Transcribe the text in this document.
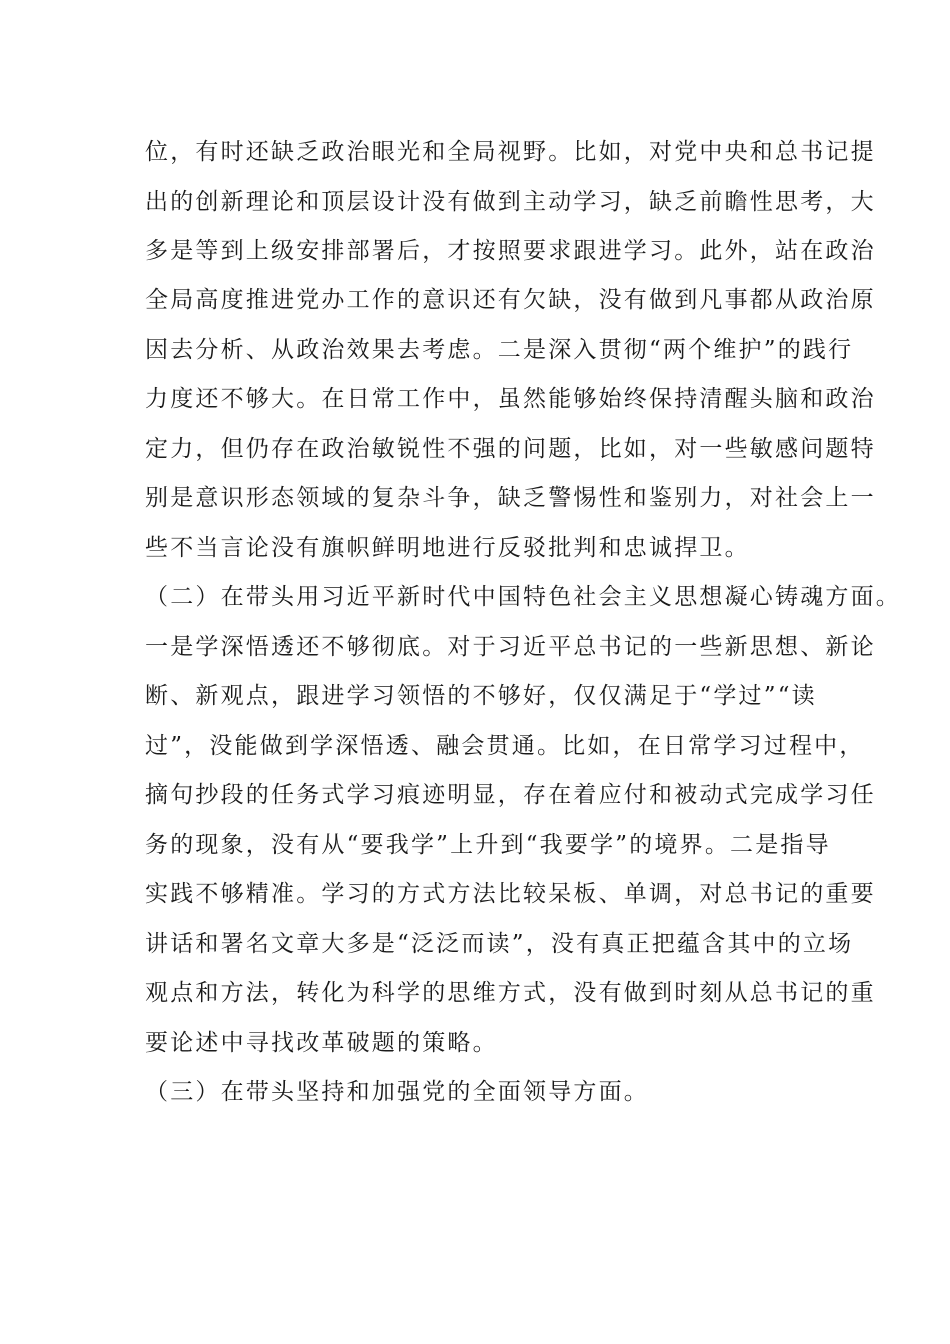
位，有时还缺乏政治眼光和全局视野。比如，对党中央和总书记提

出的创新理论和顶层设计没有做到主动学习，缺乏前瞻性思考，大

多是等到上级安排部署后，才按照要求跟进学习。此外，站在政治

全局高度推进党办工作的意识还有欠缺，没有做到凡事都从政治原

因去分析、从政治效果去考虑。二是深入贯彻“两个维护”的践行

力度还不够大。在日常工作中，虽然能够始终保持清醒头脑和政治

定力，但仍存在政治敏锐性不强的问题，比如，对一些敏感问题特

别是意识形态领域的复杂斗争，缺乏警惕性和鉴别力，对社会上一

些不当言论没有旗帜鲜明地进行反驳批判和忠诚捍卫。

（二）在带头用习近平新时代中国特色社会主义思想凝心铸魂方面。

一是学深悟透还不够彻底。对于习近平总书记的一些新思想、新论

断、新观点，跟进学习领悟的不够好，仅仅满足于“学过”“读

过”，没能做到学深悟透、融会贯通。比如，在日常学习过程中，

摘句抄段的任务式学习痕迹明显，存在着应付和被动式完成学习任

务的现象，没有从“要我学”上升到“我要学”的境界。二是指导

实践不够精准。学习的方式方法比较呆板、单调，对总书记的重要

讲话和署名文章大多是“泛泛而读”，没有真正把蕴含其中的立场

观点和方法，转化为科学的思维方式，没有做到时刻从总书记的重

要论述中寻找改革破题的策略。

（三）在带头坚持和加强党的全面领导方面。
